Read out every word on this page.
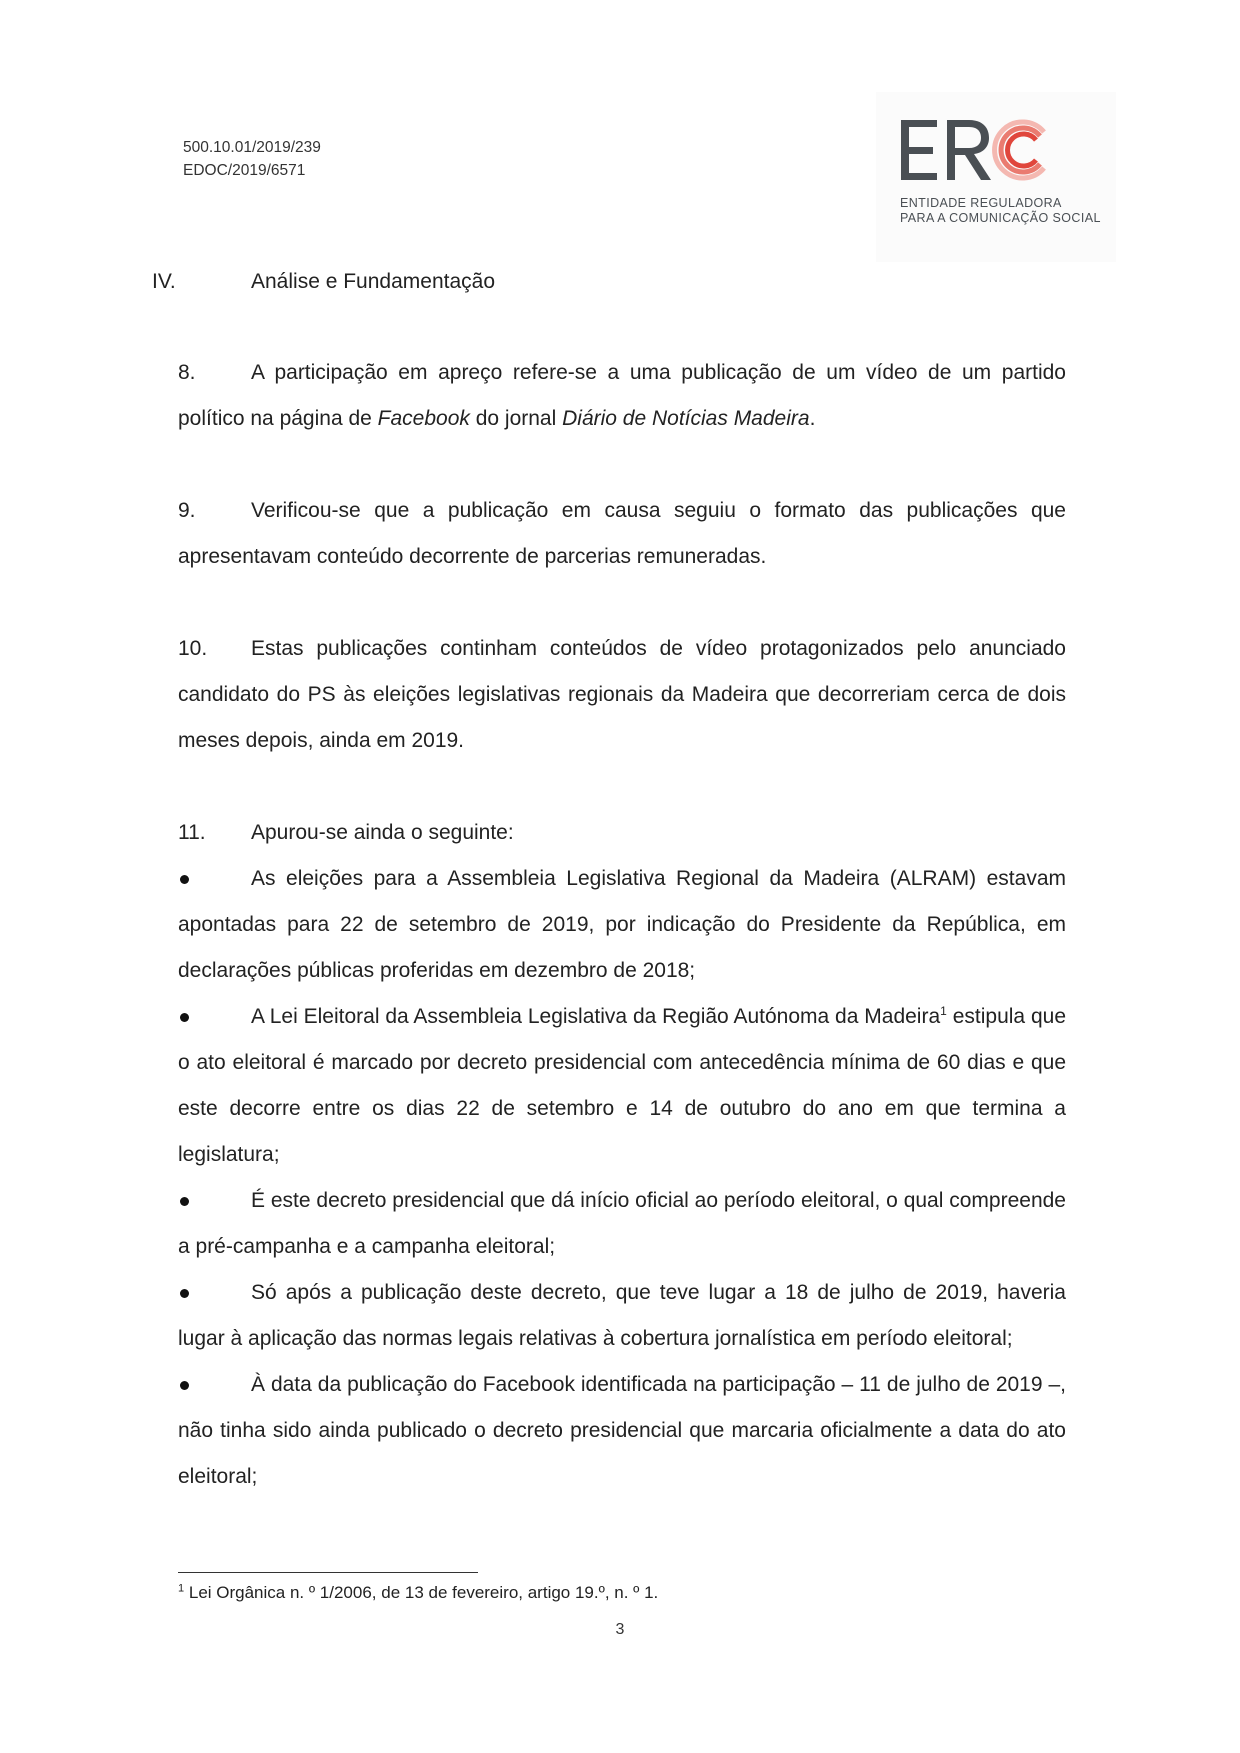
500.10.01/2019/239
EDOC/2019/6571
ENTIDADE REGULADORA
PARA A COMUNICAÇÃO SOCIAL
IV.	Análise e Fundamentação

8.	A participação em apreço refere-se a uma publicação de um vídeo de um partido político na página de Facebook do jornal Diário de Notícias Madeira.

9.	Verificou-se que a publicação em causa seguiu o formato das publicações que apresentavam conteúdo decorrente de parcerias remuneradas.

10. Estas publicações continham conteúdos de vídeo protagonizados pelo anunciado candidato do PS às eleições legislativas regionais da Madeira que decorreriam cerca de dois meses depois, ainda em 2019.

11. Apurou-se ainda o seguinte:

As eleições para a Assembleia Legislativa Regional da Madeira (ALRAM) estavam apontadas para 22 de setembro de 2019, por indicação do Presidente da República, em declarações públicas proferidas em dezembro de 2018;

A Lei Eleitoral da Assembleia Legislativa da Região Autónoma da Madeira$^1$ estipula que o ato eleitoral é marcado por decreto presidencial com antecedência mínima de 60 dias e que este decorre entre os dias 22 de setembro e 14 de outubro do ano em que termina a legislatura;

É este decreto presidencial que dá início oficial ao período eleitoral, o qual compreende a pré-campanha e a campanha eleitoral;

Só após a publicação deste decreto, que teve lugar a 18 de julho de 2019, haveria lugar à aplicação das normas legais relativas à cobertura jornalística em período eleitoral;

À data da publicação do Facebook identificada na participação – 11 de julho de 2019 –, não tinha sido ainda publicado o decreto presidencial que marcaria oficialmente a data do ato eleitoral;

$^1$ Lei Orgânica n. º 1/2006, de 13 de fevereiro, artigo 19.º, n. º 1.
3
